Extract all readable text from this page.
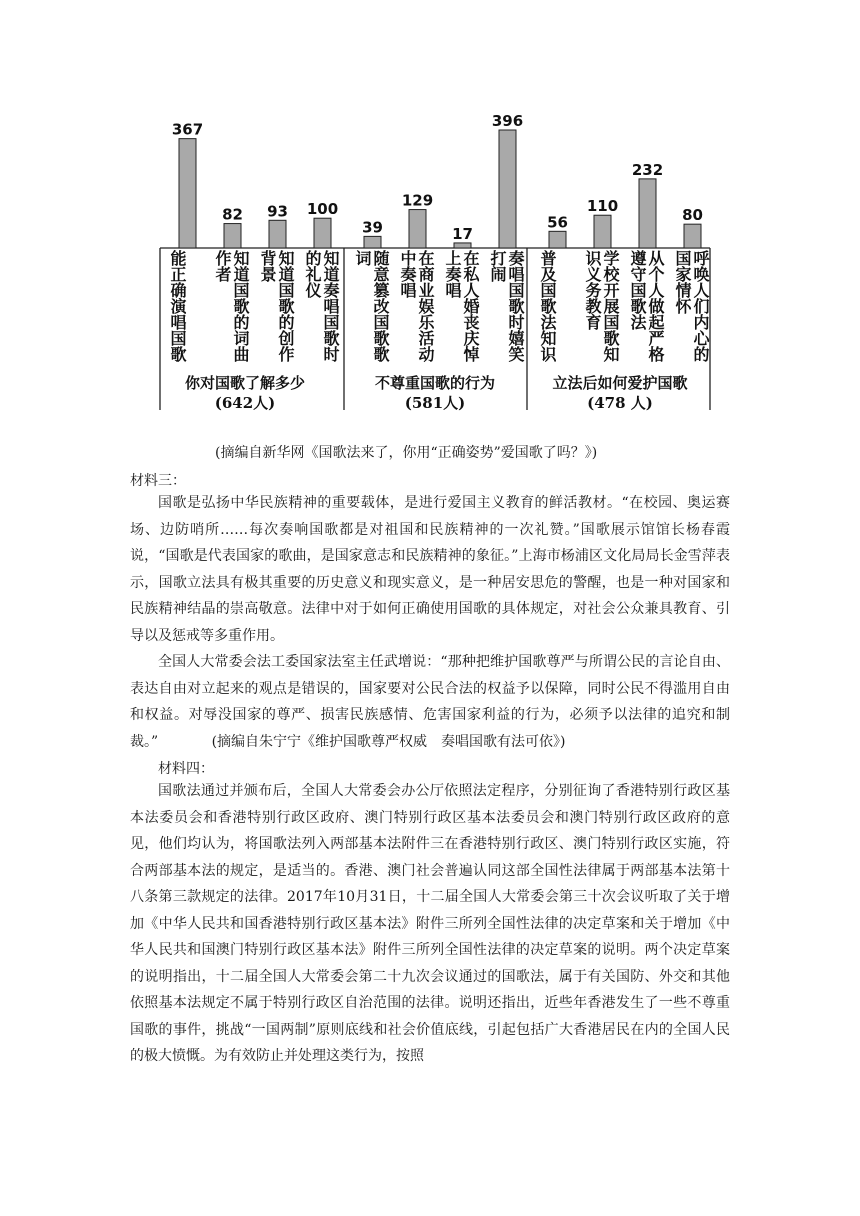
367
82 93 100
39
129
17
396
56
110
232
80
你对国歌了解多少
(642人)
不尊重国歌的行为
(581人)
立法后如何爱护国歌
(478 人)
能正确演唱国歌	知道国歌的词曲作者	知道国歌的创作背景	知道奏唱国歌时的礼仪	随意篡改国歌歌词	在商业娱乐活动中奏唱	在私人婚丧庆悼上奏唱	奏唱国歌时嬉笑打闹	普及国歌法知识	学校开展国歌知识义务教育	从个人做起严格遵守国歌法	呼唤人们内心的国家情怀
(摘编自新华网《国歌法来了，你用“正确姿势”爱国歌了吗？》)
材料三：

国歌是弘扬中华民族精神的重要载体，是进行爱国主义教育的鲜活教材。“在校园、奥运赛场、边防哨所……每次奏响国歌都是对祖国和民族精神的一次礼赞。”国歌展示馆馆长杨春霞说，“国歌是代表国家的歌曲，是国家意志和民族精神的象征。”上海市杨浦区文化局局长金雪萍表示，国歌立法具有极其重要的历史意义和现实意义，是一种居安思危的警醒，也是一种对国家和民族精神结晶的崇高敬意。法律中对于如何正确使用国歌的具体规定，对社会公众兼具教育、引导以及惩戒等多重作用。

全国人大常委会法工委国家法室主任武增说：“那种把维护国歌尊严与所谓公民的言论自由、表达自由对立起来的观点是错误的，国家要对公民合法的权益予以保障，同时公民不得滥用自由和权益。对辱没国家的尊严、损害民族感情、危害国家利益的行为，必须予以法律的追究和制裁。”	(摘编自朱宁宁《维护国歌尊严权威　奏唱国歌有法可依》)

材料四：

国歌法通过并颁布后，全国人大常委会办公厅依照法定程序，分别征询了香港特别行政区基本法委员会和香港特别行政区政府、澳门特别行政区基本法委员会和澳门特别行政区政府的意见，他们均认为，将国歌法列入两部基本法附件三在香港特别行政区、澳门特别行政区实施，符合两部基本法的规定，是适当的。香港、澳门社会普遍认同这部全国性法律属于两部基本法第十八条第三款规定的法律。2017年10月31日，十二届全国人大常委会第三十次会议听取了关于增加《中华人民共和国香港特别行政区基本法》附件三所列全国性法律的决定草案和关于增加《中华人民共和国澳门特别行政区基本法》附件三所列全国性法律的决定草案的说明。两个决定草案的说明指出，十二届全国人大常委会第二十九次会议通过的国歌法，属于有关国防、外交和其他依照基本法规定不属于特别行政区自治范围的法律。说明还指出，近些年香港发生了一些不尊重国歌的事件，挑战“一国两制”原则底线和社会价值底线，引起包括广大香港居民在内的全国人民的极大愤慨。为有效防止并处理这类行为，按照
